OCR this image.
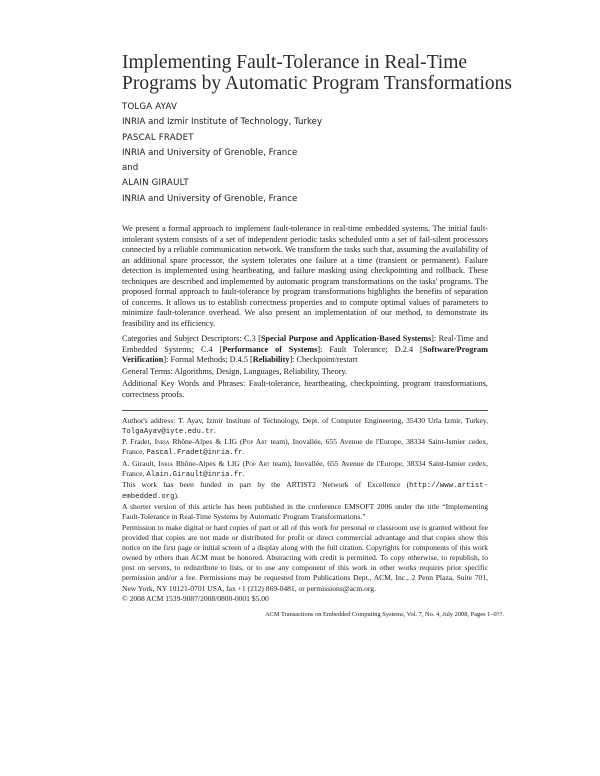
Implementing Fault-Tolerance in Real-Time
Programs by Automatic Program Transformations
TOLGA AYAV
INRIA and Izmir Institute of Technology, Turkey
PASCAL FRADET
INRIA and University of Grenoble, France
and
ALAIN GIRAULT
INRIA and University of Grenoble, France

We present a formal approach to implement fault-tolerance in real-time embedded systems. The initial fault-intolerant system consists of a set of independent periodic tasks scheduled onto a set of fail-silent processors connected by a reliable communication network. We transform the tasks such that, assuming the availability of an additional spare processor, the system tolerates one failure at a time (transient or permanent). Failure detection is implemented using heartbeating, and failure masking using checkpointing and rollback. These techniques are described and implemented by automatic program transformations on the tasks' programs. The proposed formal approach to fault-tolerance by program transformations highlights the benefits of separation of concerns. It allows us to establish correctness properties and to compute optimal values of parameters to minimize fault-tolerance overhead. We also present an implementation of our method, to demonstrate its feasibility and its efficiency.

Categories and Subject Descriptors: C.3 [Special Purpose and Application-Based Systems]: Real-Time and Embedded Systems; C.4 [Performance of Systems]: Fault Tolerance; D.2.4 [Software/Program Verification]: Formal Methods; D.4.5 [Reliability]: Checkpoint/restart

General Terms: Algorithms, Design, Languages, Reliability, Theory.

Additional Key Words and Phrases: Fault-tolerance, heartbeating, checkpointing, program transformations, correctness proofs.

Author's address: T. Ayav, Izmir Institute of Technology, Dept. of Computer Engineering, 35430 Urla Izmir, Turkey, TolgaAyav@iyte.edu.tr.

P. Fradet, Inria Rhône-Alpes & LIG (Pop Art team), Inovallée, 655 Avenue de l'Europe, 38334 Saint-Ismier cedex, France, Pascal.Fradet@inria.fr.

A. Girault, Inria Rhône-Alpes & LIG (Pop Art team), Inovallée, 655 Avenue de l'Europe, 38334 Saint-Ismier cedex, France, Alain.Girault@inria.fr.

This work has been funded in part by the ARTIST2 Network of Excellence (http://www.artist-embedded.org).

A shorter version of this article has been published in the conference EMSOFT 2006 under the title “Implementing Fault-Tolerance in Real-Time Systems by Automatic Program Transformations.”

Permission to make digital or hard copies of part or all of this work for personal or classroom use is granted without fee provided that copies are not made or distributed for profit or direct commercial advantage and that copies show this notice on the first page or initial screen of a display along with the full citation. Copyrights for components of this work owned by others than ACM must be honored. Abstracting with credit is permitted. To copy otherwise, to republish, to post on servers, to redistribute to lists, or to use any component of this work in other works requires prior specific permission and/or a fee. Permissions may be requested from Publications Dept., ACM, Inc., 2 Penn Plaza, Suite 701, New York, NY 10121-0701 USA, fax +1 (212) 869-0481, or permissions@acm.org.

© 2008 ACM 1539-9087/2008/0800-0001 $5.00

ACM Transactions on Embedded Computing Systems, Vol. 7, No. 4, July 2008, Pages 1–0??.
